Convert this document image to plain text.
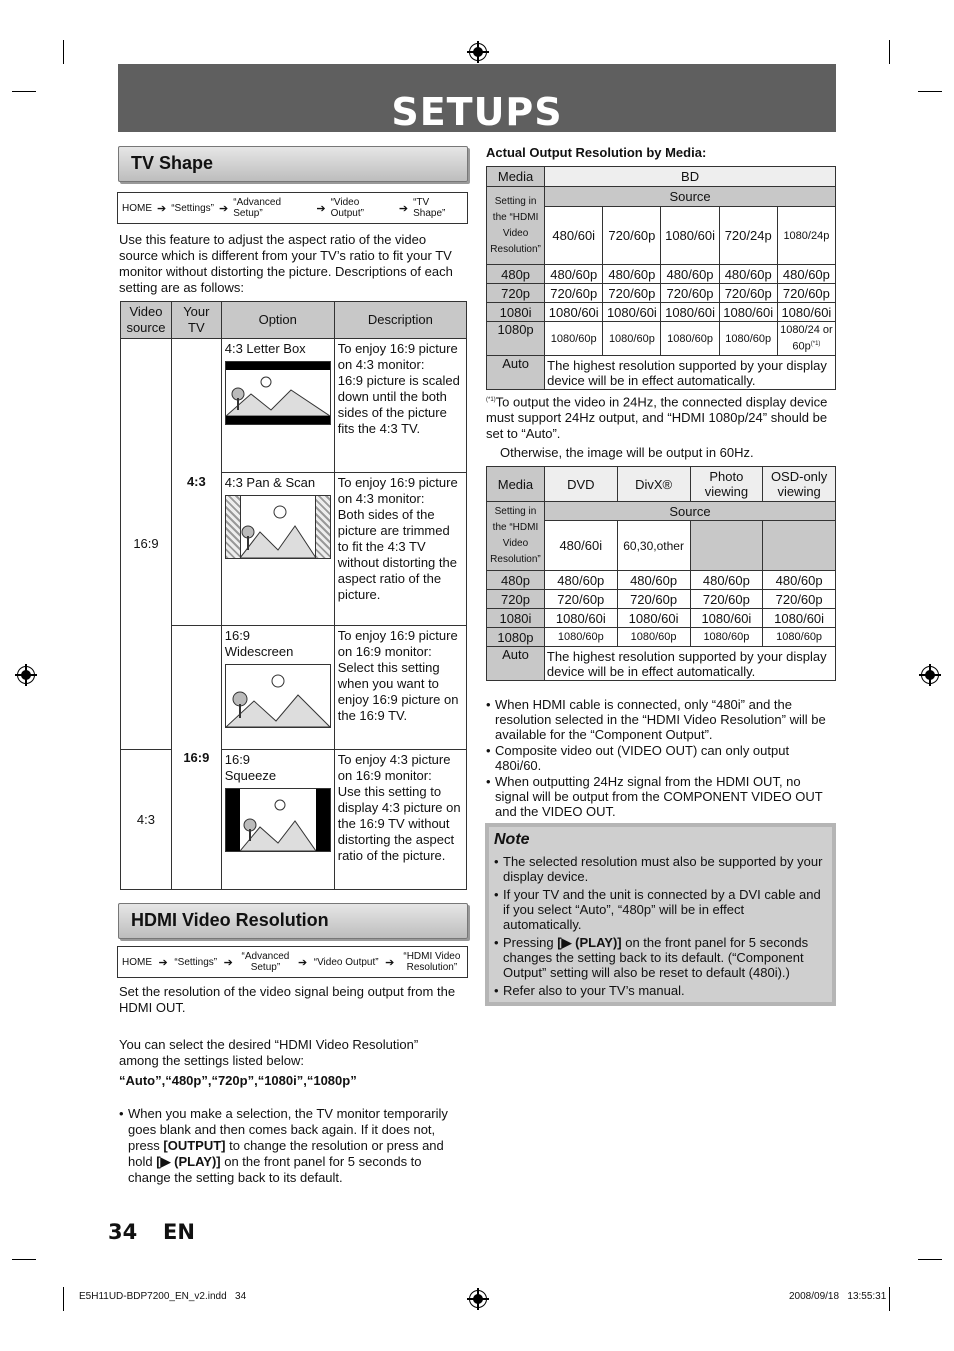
SETUPS
TV Shape
HOME ➔ “Settings” ➔ “Advanced Setup”	➔ “Video Output”	➔ “TV Shape”
Use this feature to adjust the aspect ratio of the video source which is different from your TV’s ratio to fit your TV monitor without distorting the picture. Descriptions of each setting are as follows:
Video source	Your TV	Option	Description
16:9	4:3	4:3 Letter Box	To enjoy 16:9 picture on 4:3 monitor:
16:9 picture is scaled down until the both sides of the picture fits the 4:3 TV.

		4:3 Pan & Scan	To enjoy 16:9 picture on 4:3 monitor:
Both sides of the picture are trimmed to fit the 4:3 TV without distorting the aspect ratio of the picture.

	16:9	16:9 Widescreen	To enjoy 16:9 picture on 16:9 monitor:
Select this setting when you want to enjoy 16:9 picture on the 16:9 TV.

4:3		16:9 Squeeze	To enjoy 4:3 picture on 16:9 monitor:
Use this setting to display 4:3 picture on the 16:9 TV without distorting the aspect ratio of the picture.
HDMI Video Resolution
HOME ➔ “Settings” ➔ “Advanced Setup”	➔ “Video Output” ➔ “HDMI Video Resolution”
Set the resolution of the video signal being output from the HDMI OUT.
You can select the desired “HDMI Video Resolution” among the settings listed below:
“Auto”,“480p”,“720p”,“1080i”,“1080p”
• When you make a selection, the TV monitor temporarily goes blank and then comes back again. If it does not, press [OUTPUT] to change the resolution or press and hold [▶ (PLAY)] on the front panel for 5 seconds to change the setting back to its default.
Actual Output Resolution by Media:
Media	BD				
Setting in the “HDMI Video Resolution”	Source				
	480/60i	720/60p	1080/60i	720/24p	1080/24p
480p	480/60p	480/60p	480/60p	480/60p	480/60p
720p	720/60p	720/60p	720/60p	720/60p	720/60p
1080i	1080/60i	1080/60i	1080/60i	1080/60i	1080/60i
1080p	1080/60p	1080/60p	1080/60p	1080/60p	1080/24 or $60p^{(*1)}$
Auto	The highest resolution supported by your display device will be in effect automatically.				
$^{(*1)}$To output the video in 24Hz, the connected display device must support 24Hz output, and “HDMI 1080p/24” should be set to “Auto”.
Otherwise, the image will be output in 60Hz.
Media	DVD	DivX®	Photo viewing	OSD-only viewing
Setting in the “HDMI Video Resolution”	Source			
	480/60i	60,30,other		
480p	480/60p	480/60p	480/60p	480/60p
720p	720/60p	720/60p	720/60p	720/60p
1080i	1080/60i	1080/60i	1080/60i	1080/60i
1080p	1080/60p	1080/60p	1080/60p	1080/60p
Auto	The highest resolution supported by your display device will be in effect automatically.			
• When HDMI cable is connected, only “480i” and the resolution selected in the “HDMI Video Resolution” will be available for the “Component Output”.
• Composite video out (VIDEO OUT) can only output 480i/60.
• When outputting 24Hz signal from the HDMI OUT, no signal will be output from the COMPONENT VIDEO OUT and the VIDEO OUT.
Note
• The selected resolution must also be supported by your display device.
• If your TV and the unit is connected by a DVI cable and if you select “Auto”, “480p” will be in effect automatically.
• Pressing [▶ (PLAY)] on the front panel for 5 seconds changes the setting back to its default. (“Component Output” setting will also be reset to default (480i).)
• Refer also to your TV’s manual.
34 EN
E5H11UD-BDP7200_EN_v2.indd   34	2008/09/18   13:55:31
